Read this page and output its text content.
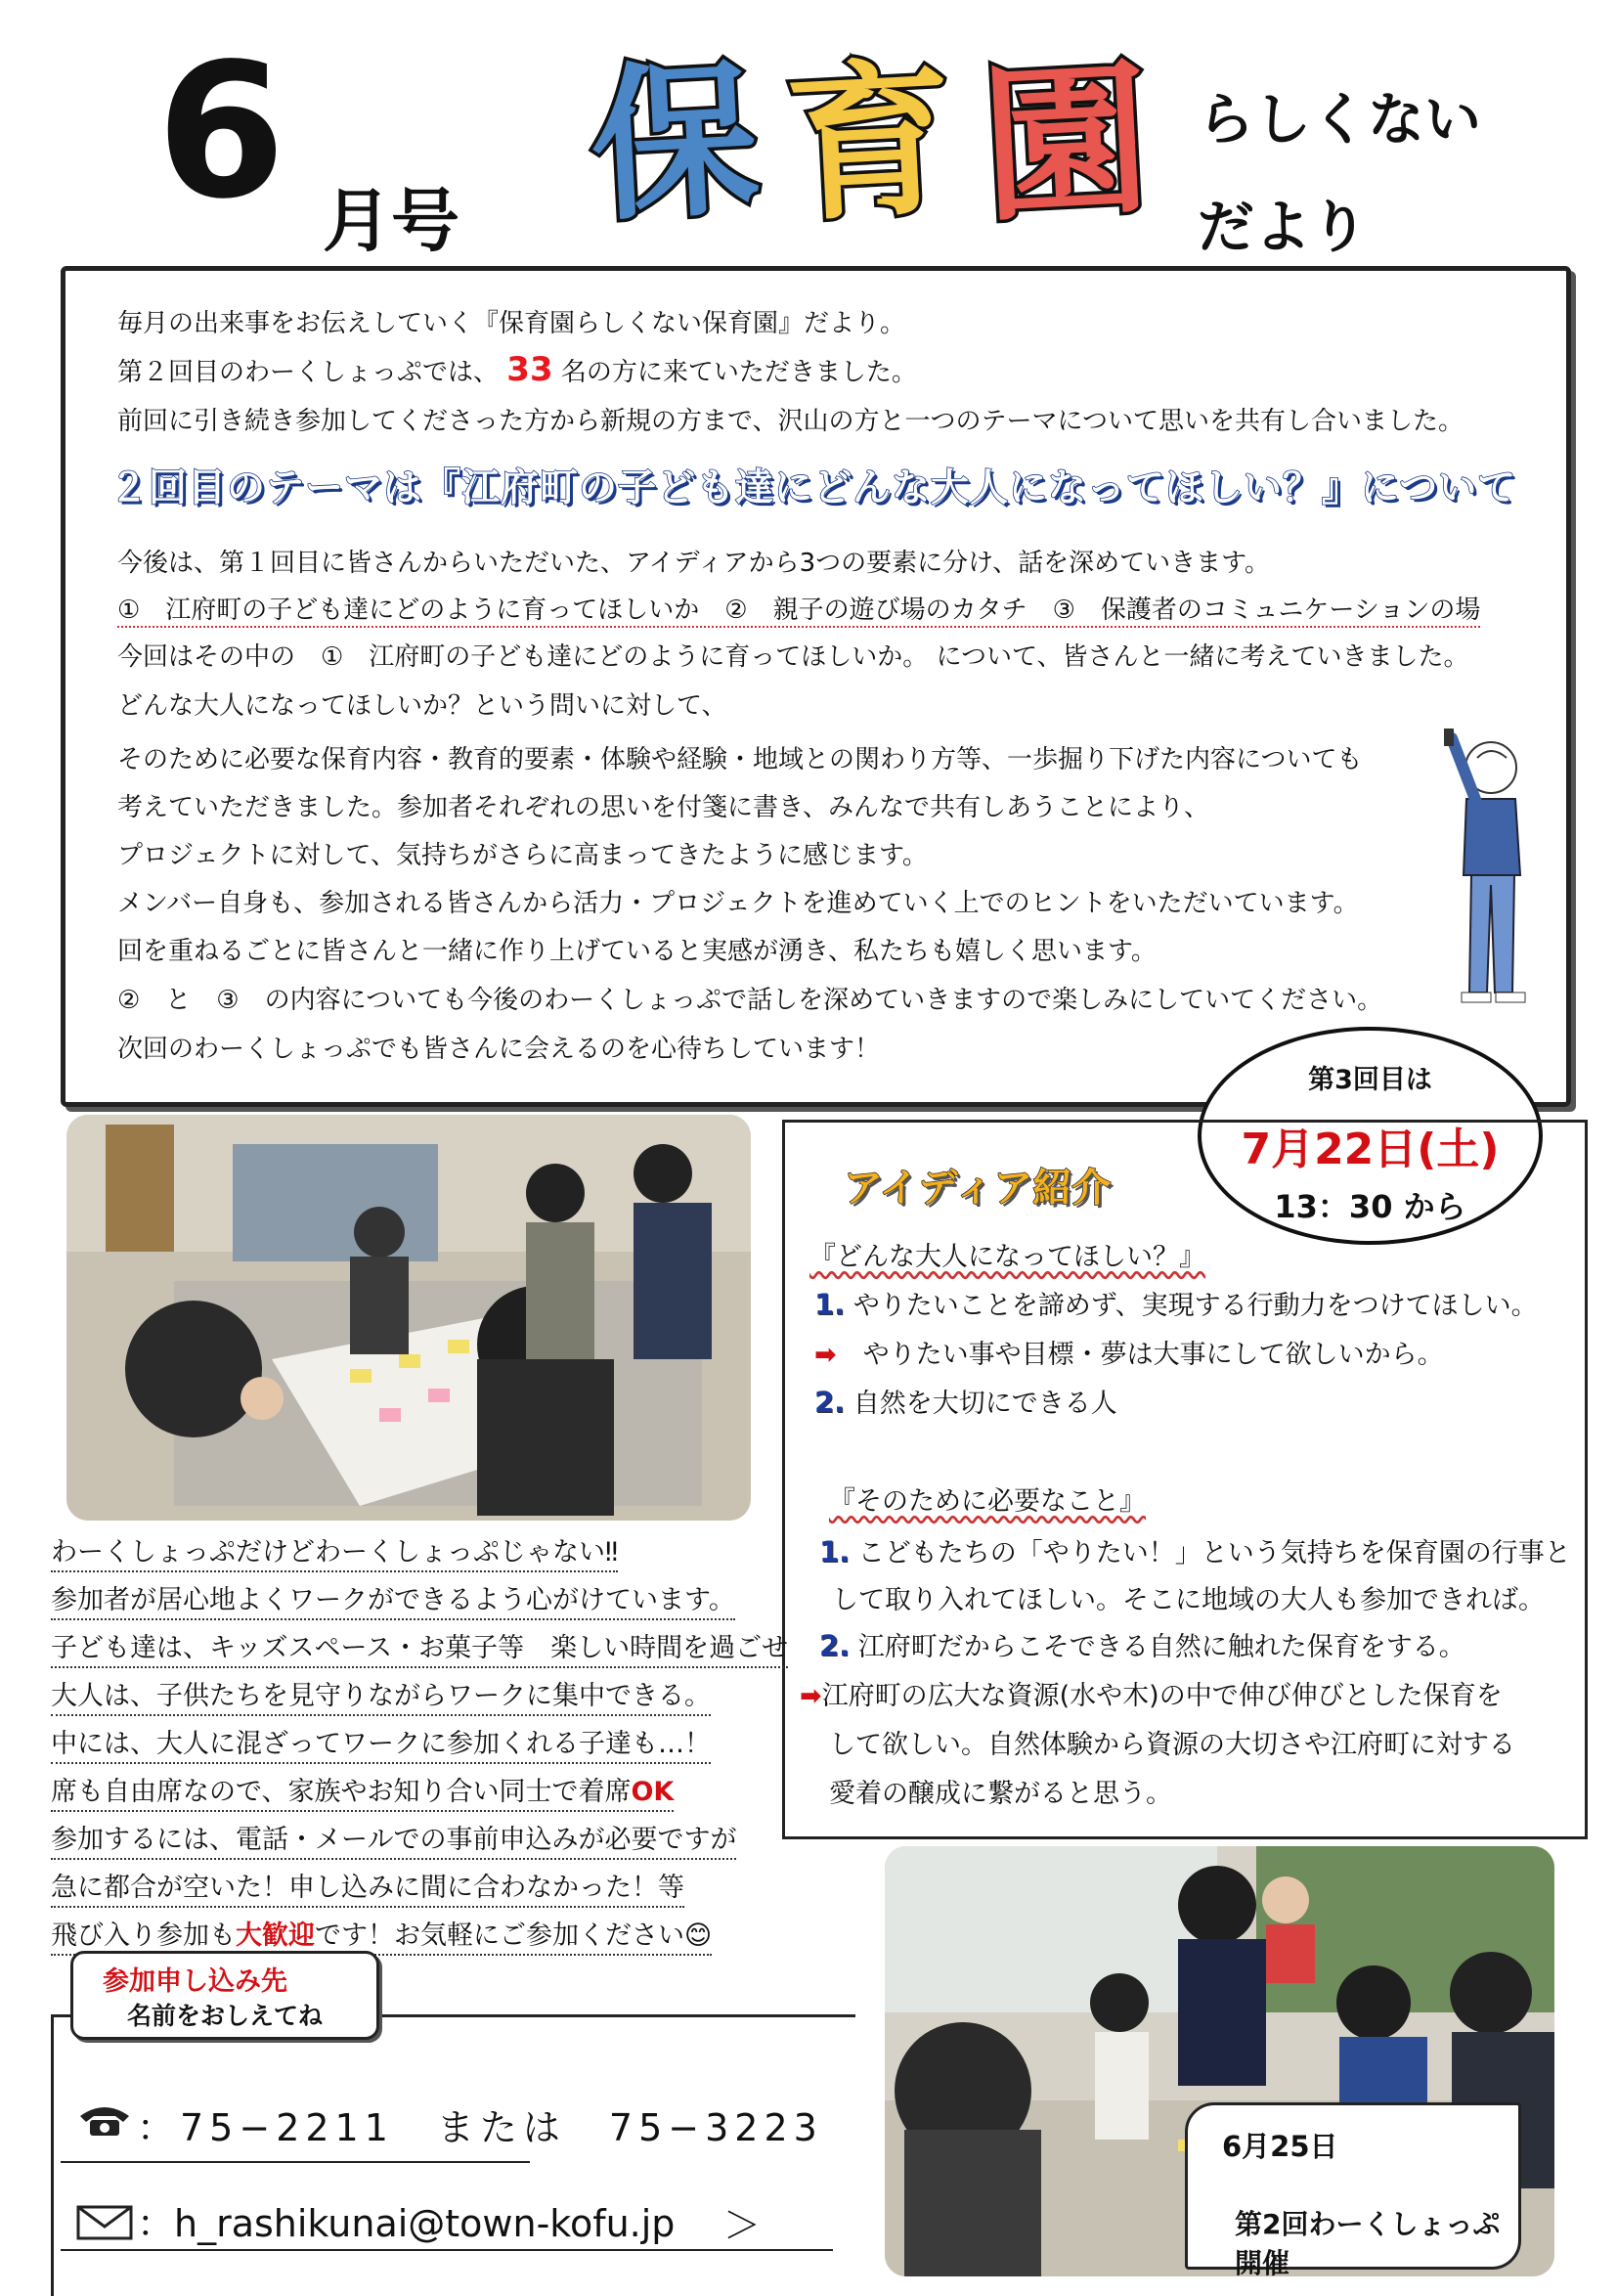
6 月号 保 育 園 らしくない
だより
毎月の出来事をお伝えしていく『保育園らしくない保育園』だより。
第２回目のわーくしょっぷでは、 33 名の方に来ていただきました。
前回に引き続き参加してくださった方から新規の方まで、沢山の方と一つのテーマについて思いを共有し合いました。
２回目のテーマは『江府町の子ども達にどんな大人になってほしい？』について
今後は、第１回目に皆さんからいただいた、アイディアから3つの要素に分け、話を深めていきます。
①　江府町の子ども達にどのように育ってほしいか　②　親子の遊び場のカタチ　③　保護者のコミュニケーションの場
今回はその中の　①　江府町の子ども達にどのように育ってほしいか。 について、皆さんと一緒に考えていきました。
どんな大人になってほしいか？という問いに対して、
そのために必要な保育内容・教育的要素・体験や経験・地域との関わり方等、一歩掘り下げた内容についても
考えていただきました。参加者それぞれの思いを付箋に書き、みんなで共有しあうことにより、
プロジェクトに対して、気持ちがさらに高まってきたように感じます。
メンバー自身も、参加される皆さんから活力・プロジェクトを進めていく上でのヒントをいただいています。
回を重ねるごとに皆さんと一緒に作り上げていると実感が湧き、私たちも嬉しく思います。
②　と　③　の内容についても今後のわーくしょっぷで話しを深めていきますので楽しみにしていてください。
次回のわーくしょっぷでも皆さんに会えるのを心待ちしています！
第3回目は
7月22日(土)
13：30 から
アイディア紹介
『どんな大人になってほしい？』
1. やりたいことを諦めず、実現する行動力をつけてほしい。
➡　 やりたい事や目標・夢は大事にして欲しいから。
2. 自然を大切にできる人
『そのために必要なこと』
1. こどもたちの「やりたい！」という気持ちを保育園の行事と
して取り入れてほしい。そこに地域の大人も参加できれば。
2. 江府町だからこそできる自然に触れた保育をする。
➡江府町の広大な資源(水や木)の中で伸び伸びとした保育を
して欲しい。自然体験から資源の大切さや江府町に対する
愛着の醸成に繋がると思う。
わーくしょっぷだけどわーくしょっぷじゃない‼
参加者が居心地よくワークができるよう心がけています。
子ども達は、キッズスペース・お菓子等　楽しい時間を過ごせ
大人は、子供たちを見守りながらワークに集中できる。
中には、大人に混ざってワークに参加くれる子達も…！
席も自由席なので、家族やお知り合い同士で着席OK
参加するには、電話・メールでの事前申込みが必要ですが
急に都合が空いた！申し込みに間に合わなかった！等
飛び入り参加も大歓迎です！お気軽にご参加ください😊
参加申し込み先
名前をおしえてね
：75−2211　または　75−3223
：h_rashikunai@town-kofu.jp ＞
6月25日
第2回わーくしょっぷ開催
